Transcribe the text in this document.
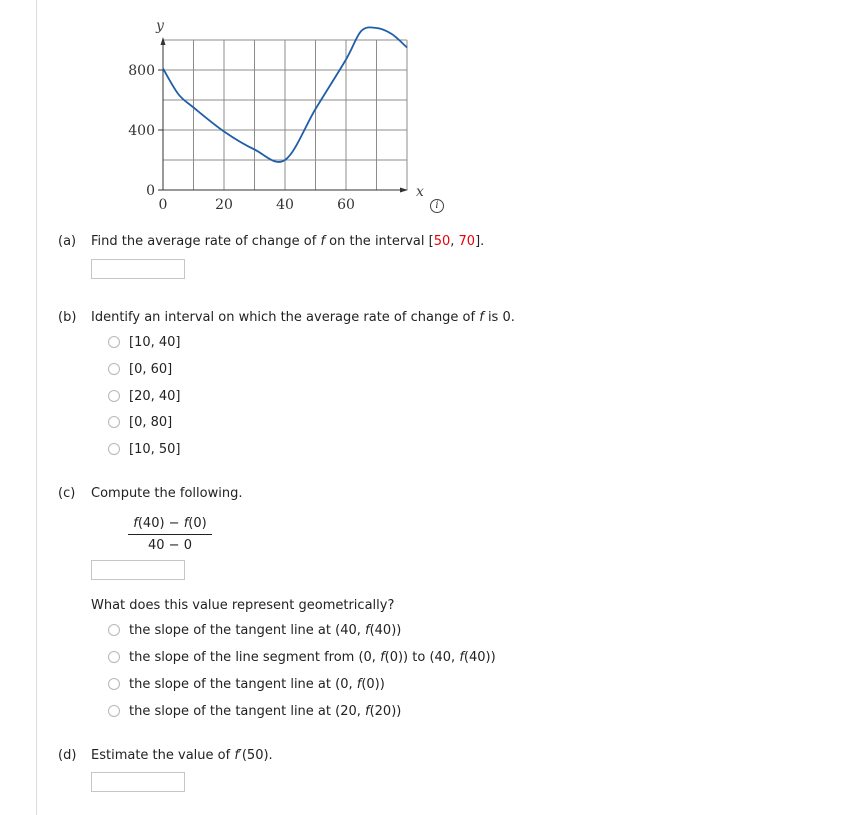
y
x
800
400
0
0	20	40	60	i
(a) Find the average rate of change of f on the interval [50, 70].
(b) Identify an interval on which the average rate of change of f is 0.
[10, 40]
[0, 60]
[20, 40]
[0, 80]
[10, 50]
(c) Compute the following.
$\frac{f(40) - f(0)}{40 - 0}$
What does this value represent geometrically?
the slope of the tangent line at (40, f(40))
the slope of the line segment from (0, f(0)) to (40, f(40))
the slope of the tangent line at (0, f(0))
the slope of the tangent line at (20, f(20))
(d) Estimate the value of f′(50).
